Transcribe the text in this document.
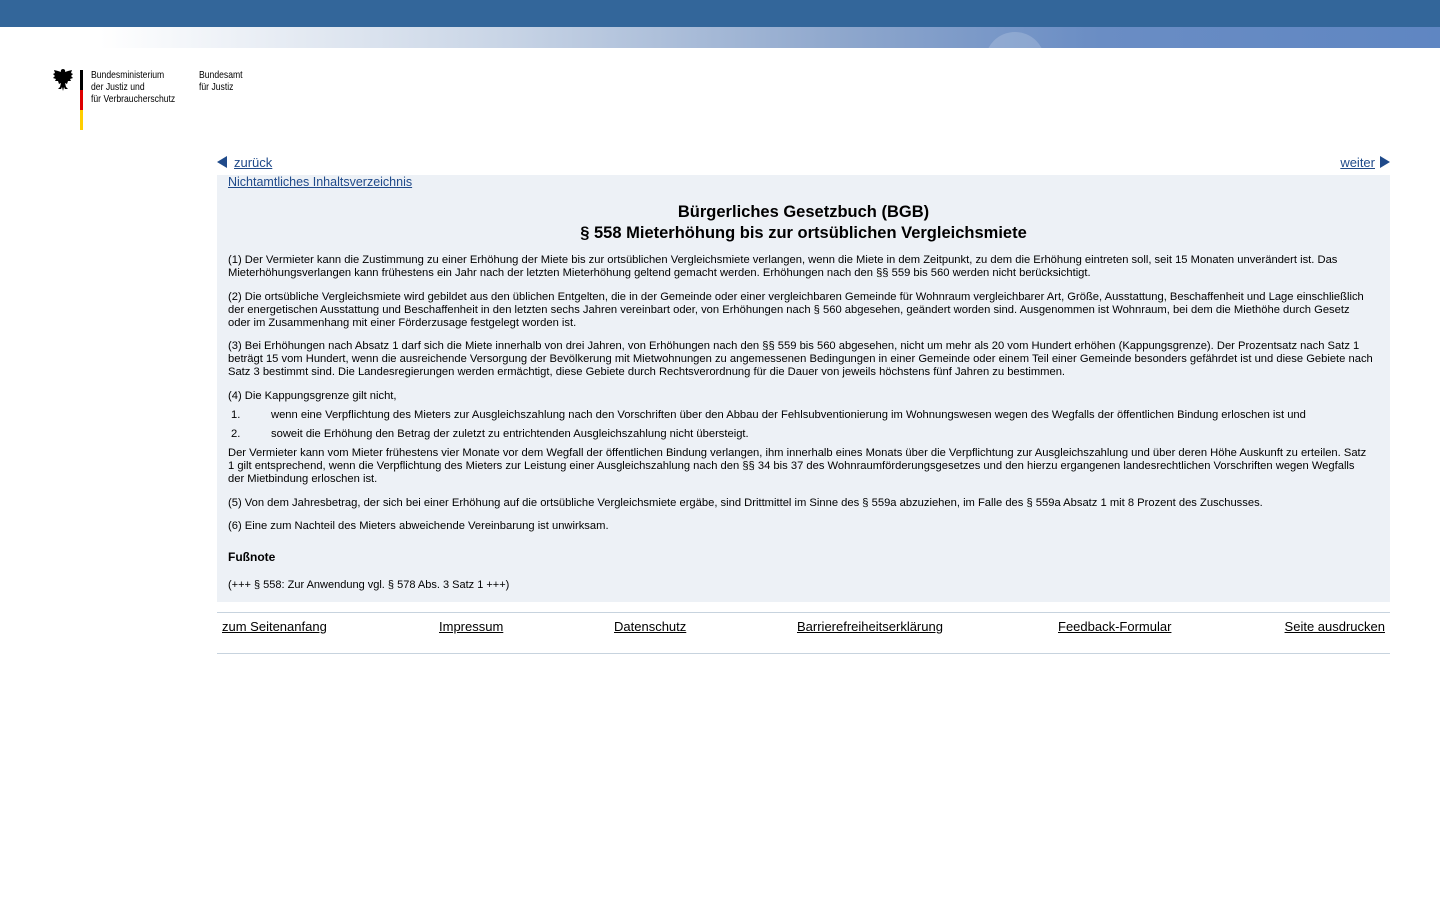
Bundesministerium
der Justiz und
für Verbraucherschutz
Bundesamt
für Justiz
zurück	weiter
Nichtamtliches Inhaltsverzeichnis
Bürgerliches Gesetzbuch (BGB)
§ 558 Mieterhöhung bis zur ortsüblichen Vergleichsmiete
(1) Der Vermieter kann die Zustimmung zu einer Erhöhung der Miete bis zur ortsüblichen Vergleichsmiete verlangen, wenn die Miete in dem Zeitpunkt, zu dem die Erhöhung eintreten soll, seit 15 Monaten unverändert ist. Das Mieterhöhungsverlangen kann frühestens ein Jahr nach der letzten Mieterhöhung geltend gemacht werden. Erhöhungen nach den §§ 559 bis 560 werden nicht berücksichtigt.
(2) Die ortsübliche Vergleichsmiete wird gebildet aus den üblichen Entgelten, die in der Gemeinde oder einer vergleichbaren Gemeinde für Wohnraum vergleichbarer Art, Größe, Ausstattung, Beschaffenheit und Lage einschließlich der energetischen Ausstattung und Beschaffenheit in den letzten sechs Jahren vereinbart oder, von Erhöhungen nach § 560 abgesehen, geändert worden sind. Ausgenommen ist Wohnraum, bei dem die Miethöhe durch Gesetz oder im Zusammenhang mit einer Förderzusage festgelegt worden ist.
(3) Bei Erhöhungen nach Absatz 1 darf sich die Miete innerhalb von drei Jahren, von Erhöhungen nach den §§ 559 bis 560 abgesehen, nicht um mehr als 20 vom Hundert erhöhen (Kappungsgrenze). Der Prozentsatz nach Satz 1 beträgt 15 vom Hundert, wenn die ausreichende Versorgung der Bevölkerung mit Mietwohnungen zu angemessenen Bedingungen in einer Gemeinde oder einem Teil einer Gemeinde besonders gefährdet ist und diese Gebiete nach Satz 3 bestimmt sind. Die Landesregierungen werden ermächtigt, diese Gebiete durch Rechtsverordnung für die Dauer von jeweils höchstens fünf Jahren zu bestimmen.
(4) Die Kappungsgrenze gilt nicht,
1.	wenn eine Verpflichtung des Mieters zur Ausgleichszahlung nach den Vorschriften über den Abbau der Fehlsubventionierung im Wohnungswesen wegen des Wegfalls der öffentlichen Bindung erloschen ist und
2.	soweit die Erhöhung den Betrag der zuletzt zu entrichtenden Ausgleichszahlung nicht übersteigt.
Der Vermieter kann vom Mieter frühestens vier Monate vor dem Wegfall der öffentlichen Bindung verlangen, ihm innerhalb eines Monats über die Verpflichtung zur Ausgleichszahlung und über deren Höhe Auskunft zu erteilen. Satz 1 gilt entsprechend, wenn die Verpflichtung des Mieters zur Leistung einer Ausgleichszahlung nach den §§ 34 bis 37 des Wohnraumförderungsgesetzes und den hierzu ergangenen landesrechtlichen Vorschriften wegen Wegfalls der Mietbindung erloschen ist.
(5) Von dem Jahresbetrag, der sich bei einer Erhöhung auf die ortsübliche Vergleichsmiete ergäbe, sind Drittmittel im Sinne des § 559a abzuziehen, im Falle des § 559a Absatz 1 mit 8 Prozent des Zuschusses.
(6) Eine zum Nachteil des Mieters abweichende Vereinbarung ist unwirksam.
Fußnote
(+++ § 558: Zur Anwendung vgl. § 578 Abs. 3 Satz 1 +++)
zum Seitenanfang	Impressum	Datenschutz	Barrierefreiheitserklärung	Feedback-Formular	Seite ausdrucken
